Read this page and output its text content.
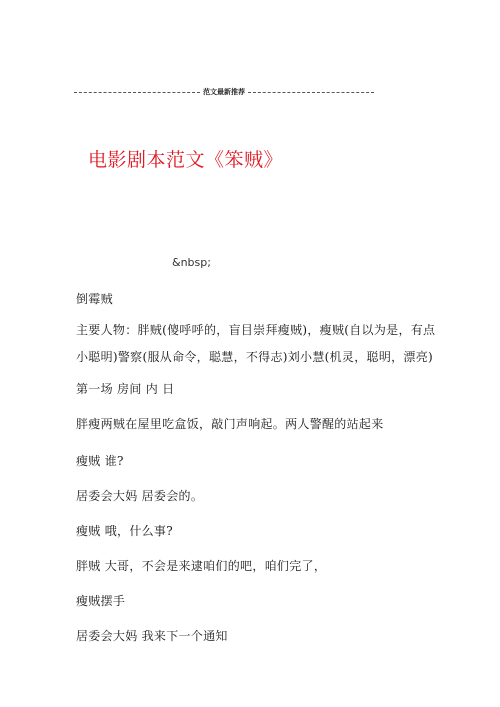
范文最新推荐
电影剧本范文《笨贼》
&nbsp;
倒霉贼
主要人物：胖贼(傻呼呼的，盲目崇拜瘦贼)，瘦贼(自以为是，有点
小聪明)警察(服从命令，聪慧，不得志)刘小慧(机灵，聪明，漂亮)
第一场 房间 内 日
胖瘦两贼在屋里吃盒饭，敲门声响起。两人警醒的站起来
瘦贼 谁?
居委会大妈 居委会的。
瘦贼 哦，什么事?
胖贼 大哥，不会是来逮咱们的吧，咱们完了，
瘦贼摆手
居委会大妈 我来下一个通知
